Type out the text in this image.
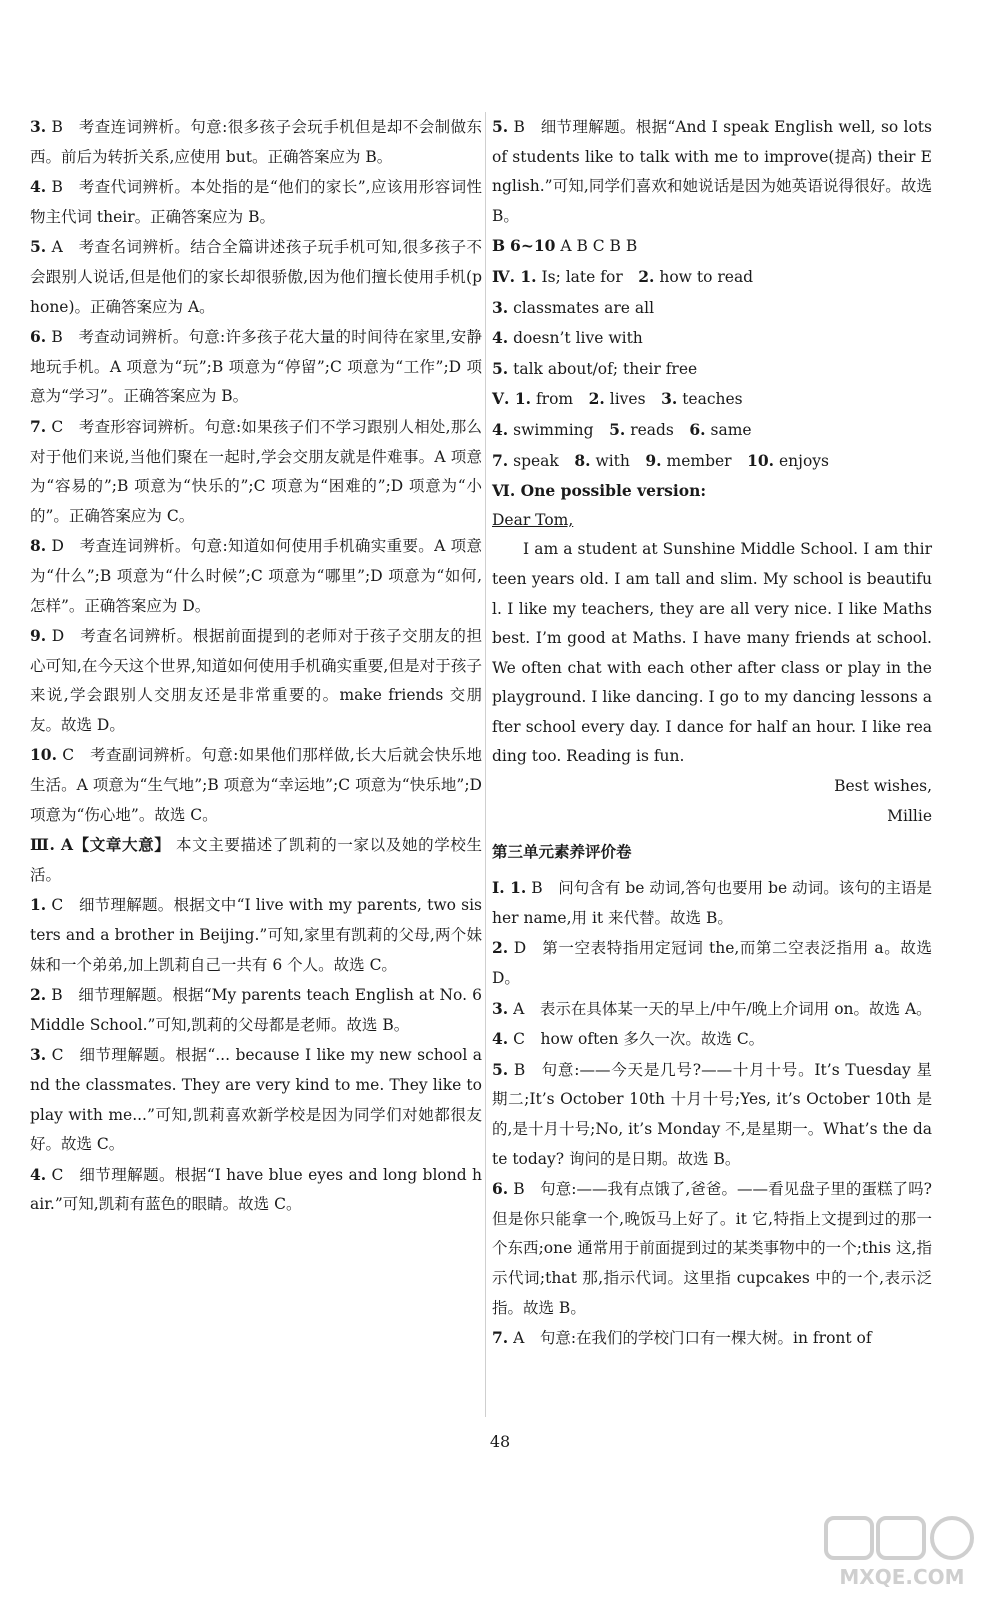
3. B  考查连词辨析。句意:很多孩子会玩手机但是却不会制做东西。前后为转折关系,应使用 but。正确答案应为 B。

4. B  考查代词辨析。本处指的是“他们的家长”,应该用形容词性物主代词 their。正确答案应为 B。

5. A  考查名词辨析。结合全篇讲述孩子玩手机可知,很多孩子不会跟别人说话,但是他们的家长却很骄傲,因为他们擅长使用手机(phone)。正确答案应为 A。

6. B  考查动词辨析。句意:许多孩子花大量的时间待在家里,安静地玩手机。A 项意为“玩”;B 项意为“停留”;C 项意为“工作”;D 项意为“学习”。正确答案应为 B。

7. C  考查形容词辨析。句意:如果孩子们不学习跟别人相处,那么对于他们来说,当他们聚在一起时,学会交朋友就是件难事。A 项意为“容易的”;B 项意为“快乐的”;C 项意为“困难的”;D 项意为“小的”。正确答案应为 C。

8. D  考查连词辨析。句意:知道如何使用手机确实重要。A 项意为“什么”;B 项意为“什么时候”;C 项意为“哪里”;D 项意为“如何,怎样”。正确答案应为 D。

9. D  考查名词辨析。根据前面提到的老师对于孩子交朋友的担心可知,在今天这个世界,知道如何使用手机确实重要,但是对于孩子来说,学会跟别人交朋友还是非常重要的。make friends 交朋友。故选 D。

10. C  考查副词辨析。句意:如果他们那样做,长大后就会快乐地生活。A 项意为“生气地”;B 项意为“幸运地”;C 项意为“快乐地”;D 项意为“伤心地”。故选 C。

Ⅲ. A【文章大意】 本文主要描述了凯莉的一家以及她的学校生活。

1. C  细节理解题。根据文中“I live with my parents, two sisters and a brother in Beijing.”可知,家里有凯莉的父母,两个妹妹和一个弟弟,加上凯莉自己一共有 6 个人。故选 C。

2. B  细节理解题。根据“My parents teach English at No. 6 Middle School.”可知,凯莉的父母都是老师。故选 B。

3. C  细节理解题。根据“... because I like my new school and the classmates. They are very kind to me. They like to play with me...”可知,凯莉喜欢新学校是因为同学们对她都很友好。故选 C。

4. C  细节理解题。根据“I have blue eyes and long blond hair.”可知,凯莉有蓝色的眼睛。故选 C。

5. B  细节理解题。根据“And I speak English well, so lots of students like to talk with me to improve(提高) their English.”可知,同学们喜欢和她说话是因为她英语说得很好。故选 B。

B 6~10 A B C B B

Ⅳ. 1. Is; late for  2. how to read 

3. classmates are all

4. doesn’t live with

5. talk about/of; their free

Ⅴ. 1. from  2. lives  3. teaches 

4. swimming  5. reads  6. same 

7. speak  8. with  9. member  10. enjoys 

Ⅵ. One possible version:

Dear Tom,

I am a student at Sunshine Middle School. I am thirteen years old. I am tall and slim. My school is beautiful. I like my teachers, they are all very nice. I like Maths best. I’m good at Maths. I have many friends at school. We often chat with each other after class or play in the playground. I like dancing. I go to my dancing lessons after school every day. I dance for half an hour. I like reading too. Reading is fun.

Best wishes,

Millie

第三单元素养评价卷

Ⅰ. 1. B  问句含有 be 动词,答句也要用 be 动词。该句的主语是 her name,用 it 来代替。故选 B。

2. D  第一空表特指用定冠词 the,而第二空表泛指用 a。故选 D。

3. A  表示在具体某一天的早上/中午/晚上介词用 on。故选 A。

4. C  how often 多久一次。故选 C。

5. B  句意:——今天是几号?——十月十号。It’s Tuesday 星期二;It’s October 10th 十月十号;Yes, it’s October 10th 是的,是十月十号;No, it’s Monday 不,是星期一。What’s the date today? 询问的是日期。故选 B。

6. B  句意:——我有点饿了,爸爸。——看见盘子里的蛋糕了吗?但是你只能拿一个,晚饭马上好了。it 它,特指上文提到过的那一个东西;one 通常用于前面提到过的某类事物中的一个;this 这,指示代词;that 那,指示代词。这里指 cupcakes 中的一个,表示泛指。故选 B。

7. A  句意:在我们的学校门口有一棵大树。in front of

48
MXQE.COM
